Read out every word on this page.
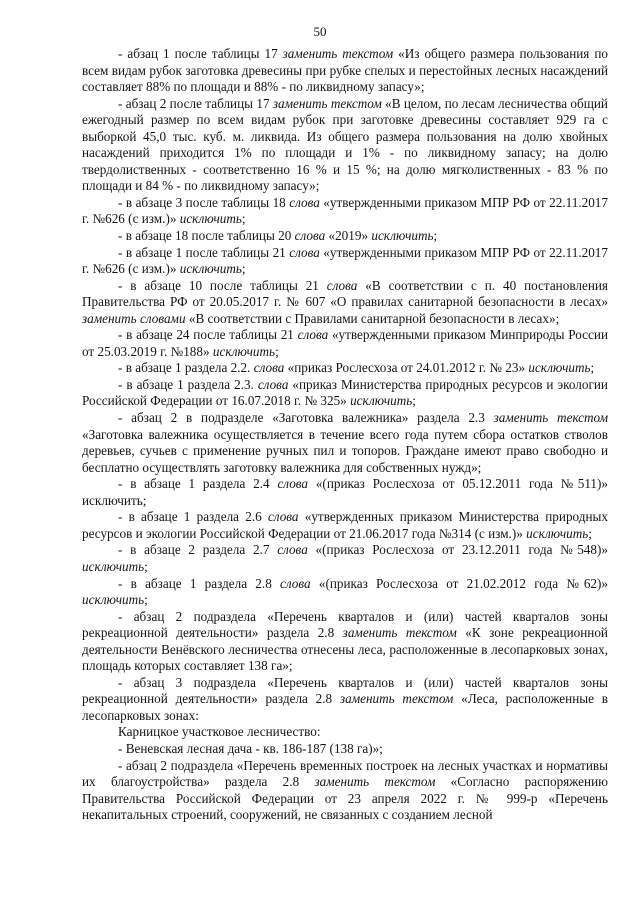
50

- абзац 1 после таблицы 17 заменить текстом «Из общего размера пользования по всем видам рубок заготовка древесины при рубке спелых и перестойных лесных насаждений составляет 88% по площади и 88% - по ликвидному запасу»;

- абзац 2 после таблицы 17 заменить текстом «В целом, по лесам лесничества общий ежегодный размер по всем видам рубок при заготовке древесины составляет 929 га с выборкой 45,0 тыс. куб. м. ликвида. Из общего размера пользования на долю хвойных насаждений приходится 1% по площади и 1% - по ликвидному запасу; на долю твердолиственных - соответственно 16 % и 15 %; на долю мягколиственных - 83 % по площади и 84 % - по ликвидному запасу»;

- в абзаце 3 после таблицы 18 слова «утвержденными приказом МПР РФ от 22.11.2017 г. №626 (с изм.)» исключить;

- в абзаце 18 после таблицы 20 слова «2019» исключить;

- в абзаце 1 после таблицы 21 слова «утвержденными приказом МПР РФ от 22.11.2017 г. №626 (с изм.)» исключить;

- в абзаце 10 после таблицы 21 слова «В соответствии с п. 40 постановления Правительства РФ от 20.05.2017 г. № 607 «О правилах санитарной безопасности в лесах» заменить словами «В соответствии с Правилами санитарной безопасности в лесах»;

- в абзаце 24 после таблицы 21 слова «утвержденными приказом Минприроды России от 25.03.2019 г. №188» исключить;

- в абзаце 1 раздела 2.2. слова «приказ Рослесхоза от 24.01.2012 г. № 23» исключить;

- в абзаце 1 раздела 2.3. слова «приказ Министерства природных ресурсов и экологии Российской Федерации от 16.07.2018 г. № 325» исключить;

- абзац 2 в подразделе «Заготовка валежника» раздела 2.3 заменить текстом «Заготовка валежника осуществляется в течение всего года путем сбора остатков стволов деревьев, сучьев с применение ручных пил и топоров. Граждане имеют право свободно и бесплатно осуществлять заготовку валежника для собственных нужд»;

- в абзаце 1 раздела 2.4 слова «(приказ Рослесхоза от 05.12.2011 года №511)» исключить;

- в абзаце 1 раздела 2.6 слова «утвержденных приказом Министерства природных ресурсов и экологии Российской Федерации от 21.06.2017 года №314 (с изм.)» исключить;

- в абзаце 2 раздела 2.7 слова «(приказ Рослесхоза от 23.12.2011 года №548)» исключить;

- в абзаце 1 раздела 2.8 слова «(приказ Рослесхоза от 21.02.2012 года №62)» исключить;

- абзац 2 подраздела «Перечень кварталов и (или) частей кварталов зоны рекреационной деятельности» раздела 2.8 заменить текстом «К зоне рекреационной деятельности Венёвского лесничества отнесены леса, расположенные в лесопарковых зонах, площадь которых составляет 138 га»;

- абзац 3 подраздела «Перечень кварталов и (или) частей кварталов зоны рекреационной деятельности» раздела 2.8 заменить текстом «Леса, расположенные в лесопарковых зонах:

Карницкое участковое лесничество:

- Веневская лесная дача - кв. 186-187 (138 га)»;

- абзац 2 подраздела «Перечень временных построек на лесных участках и нормативы их благоустройства» раздела 2.8 заменить текстом «Согласно распоряжению Правительства Российской Федерации от 23 апреля 2022 г. № 999-р «Перечень некапитальных строений, сооружений, не связанных с созданием лесной
